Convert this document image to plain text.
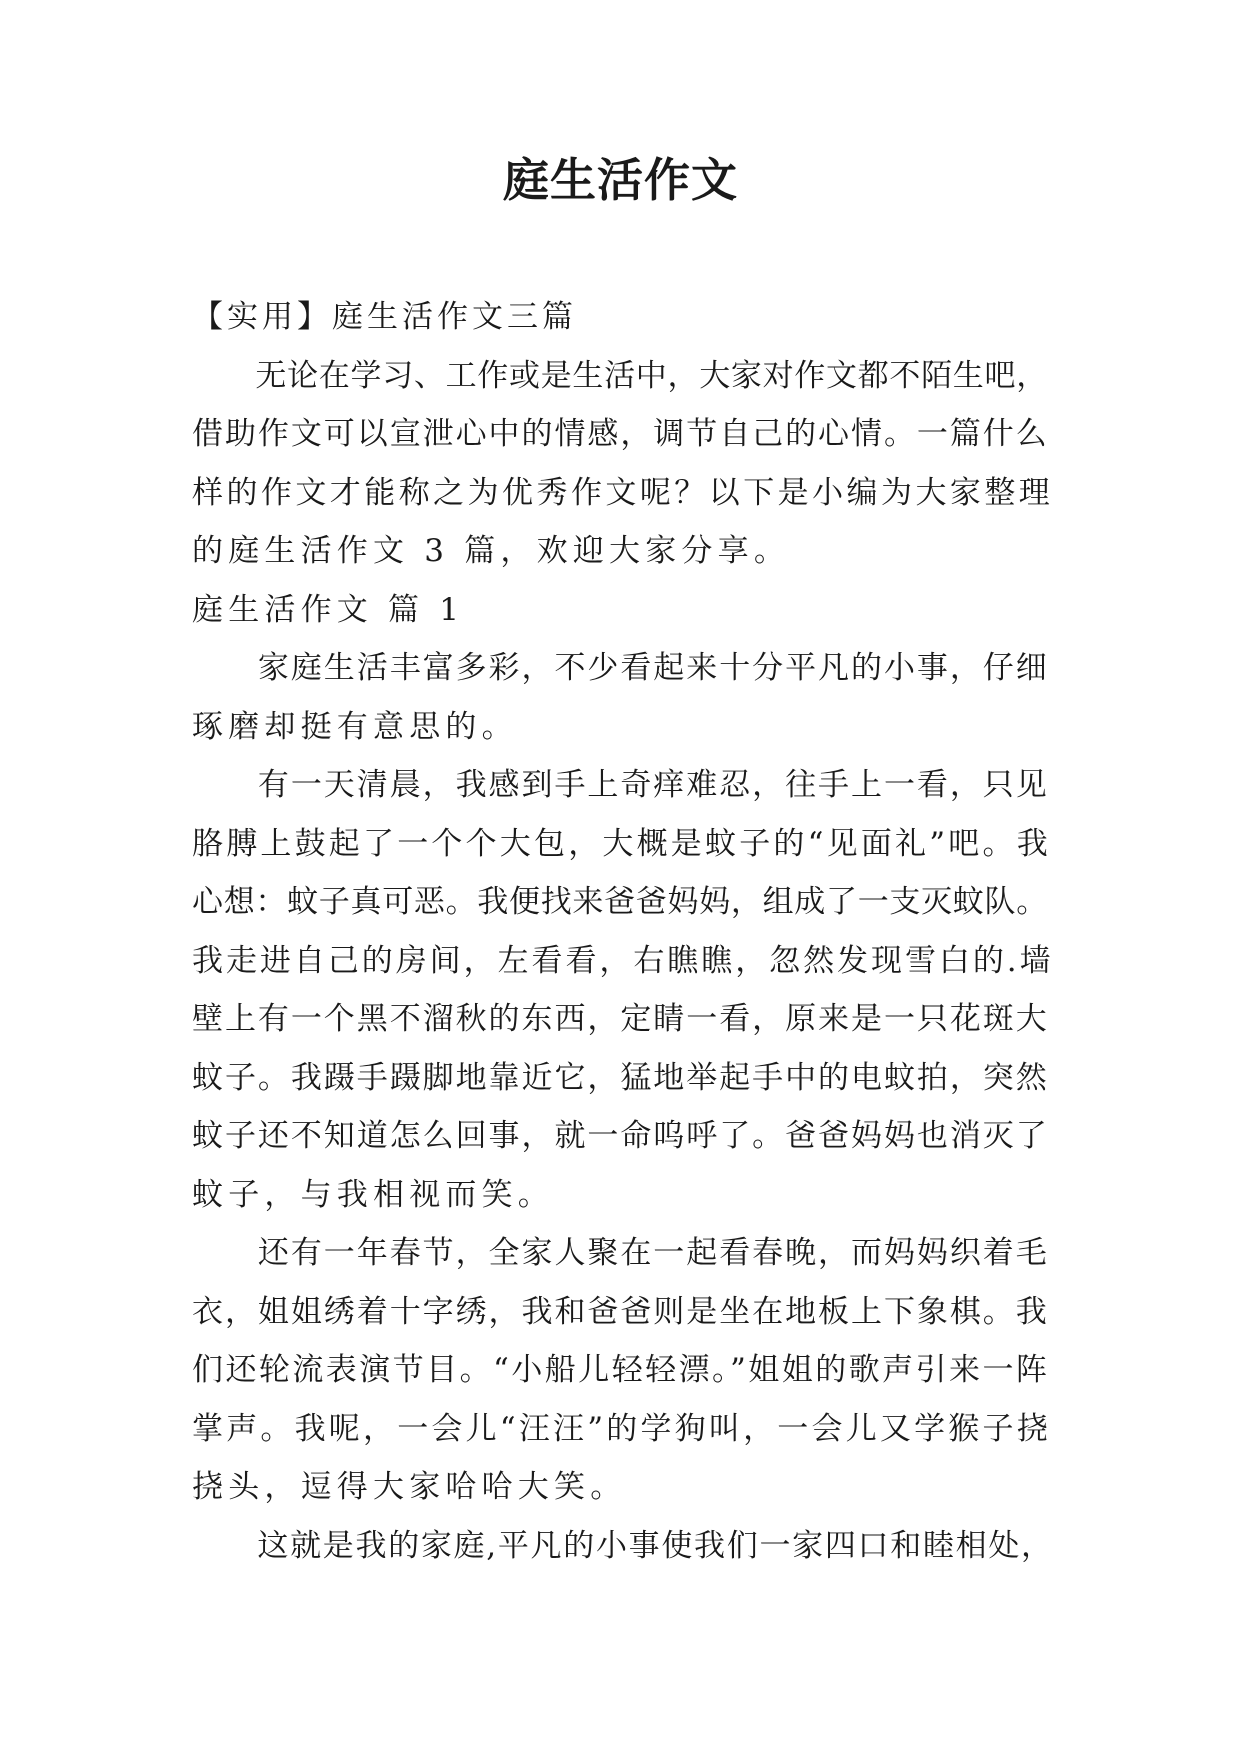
庭生活作文

【实用】庭生活作文三篇

　　无论在学习、工作或是生活中，大家对作文都不陌生吧，

借助作文可以宣泄心中的情感，调节自己的心情。一篇什么

样的作文才能称之为优秀作文呢？以下是小编为大家整理

的庭生活作文 3 篇，欢迎大家分享。

庭生活作文 篇 1

　　家庭生活丰富多彩，不少看起来十分平凡的小事，仔细

琢磨却挺有意思的。

　　有一天清晨，我感到手上奇痒难忍，往手上一看，只见

胳膊上鼓起了一个个大包，大概是蚊子的“见面礼”吧。我

心想：蚊子真可恶。我便找来爸爸妈妈，组成了一支灭蚊队。

我走进自己的房间，左看看，右瞧瞧，忽然发现雪白的.墙

壁上有一个黑不溜秋的东西，定睛一看，原来是一只花斑大

蚊子。我蹑手蹑脚地靠近它，猛地举起手中的电蚊拍，突然

蚊子还不知道怎么回事，就一命呜呼了。爸爸妈妈也消灭了

蚊子，与我相视而笑。

　　还有一年春节，全家人聚在一起看春晚，而妈妈织着毛

衣，姐姐绣着十字绣，我和爸爸则是坐在地板上下象棋。我

们还轮流表演节目。“小船儿轻轻漂。”姐姐的歌声引来一阵

掌声。我呢，一会儿“汪汪”的学狗叫，一会儿又学猴子挠

挠头，逗得大家哈哈大笑。

　　这就是我的家庭,平凡的小事使我们一家四口和睦相处，
